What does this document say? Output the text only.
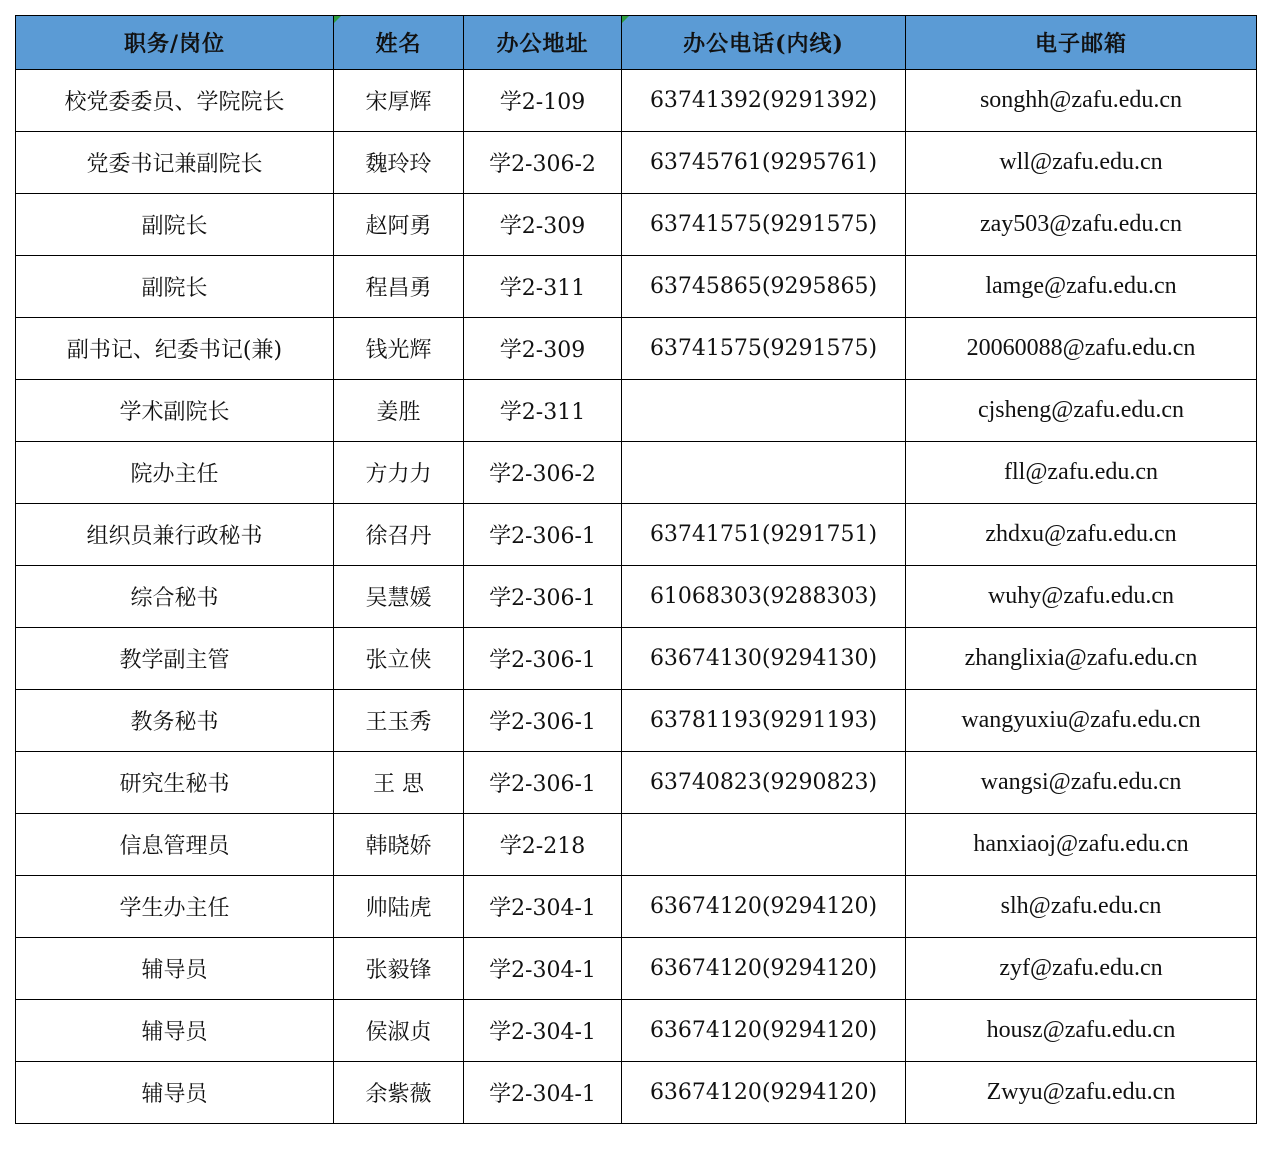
职务/岗位	姓名	办公地址	办公电话(内线)	电子邮箱
校党委委员、学院院长	宋厚辉	学2-109	63741392(9291392)	songhh@zafu.edu.cn
党委书记兼副院长	魏玲玲	学2-306-2	63745761(9295761)	wll@zafu.edu.cn
副院长	赵阿勇	学2-309	63741575(9291575)	zay503@zafu.edu.cn
副院长	程昌勇	学2-311	63745865(9295865)	lamge@zafu.edu.cn
副书记、纪委书记(兼)	钱光辉	学2-309	63741575(9291575)	20060088@zafu.edu.cn
学术副院长	姜胜	学2-311		cjsheng@zafu.edu.cn
院办主任	方力力	学2-306-2		fll@zafu.edu.cn
组织员兼行政秘书	徐召丹	学2-306-1	63741751(9291751)	zhdxu@zafu.edu.cn
综合秘书	吴慧媛	学2-306-1	61068303(9288303)	wuhy@zafu.edu.cn
教学副主管	张立侠	学2-306-1	63674130(9294130)	zhanglixia@zafu.edu.cn
教务秘书	王玉秀	学2-306-1	63781193(9291193)	wangyuxiu@zafu.edu.cn
研究生秘书	王 思	学2-306-1	63740823(9290823)	wangsi@zafu.edu.cn
信息管理员	韩晓娇	学2-218		hanxiaoj@zafu.edu.cn
学生办主任	帅陆虎	学2-304-1	63674120(9294120)	slh@zafu.edu.cn
辅导员	张毅锋	学2-304-1	63674120(9294120)	zyf@zafu.edu.cn
辅导员	侯淑贞	学2-304-1	63674120(9294120)	housz@zafu.edu.cn
辅导员	余紫薇	学2-304-1	63674120(9294120)	Zwyu@zafu.edu.cn
